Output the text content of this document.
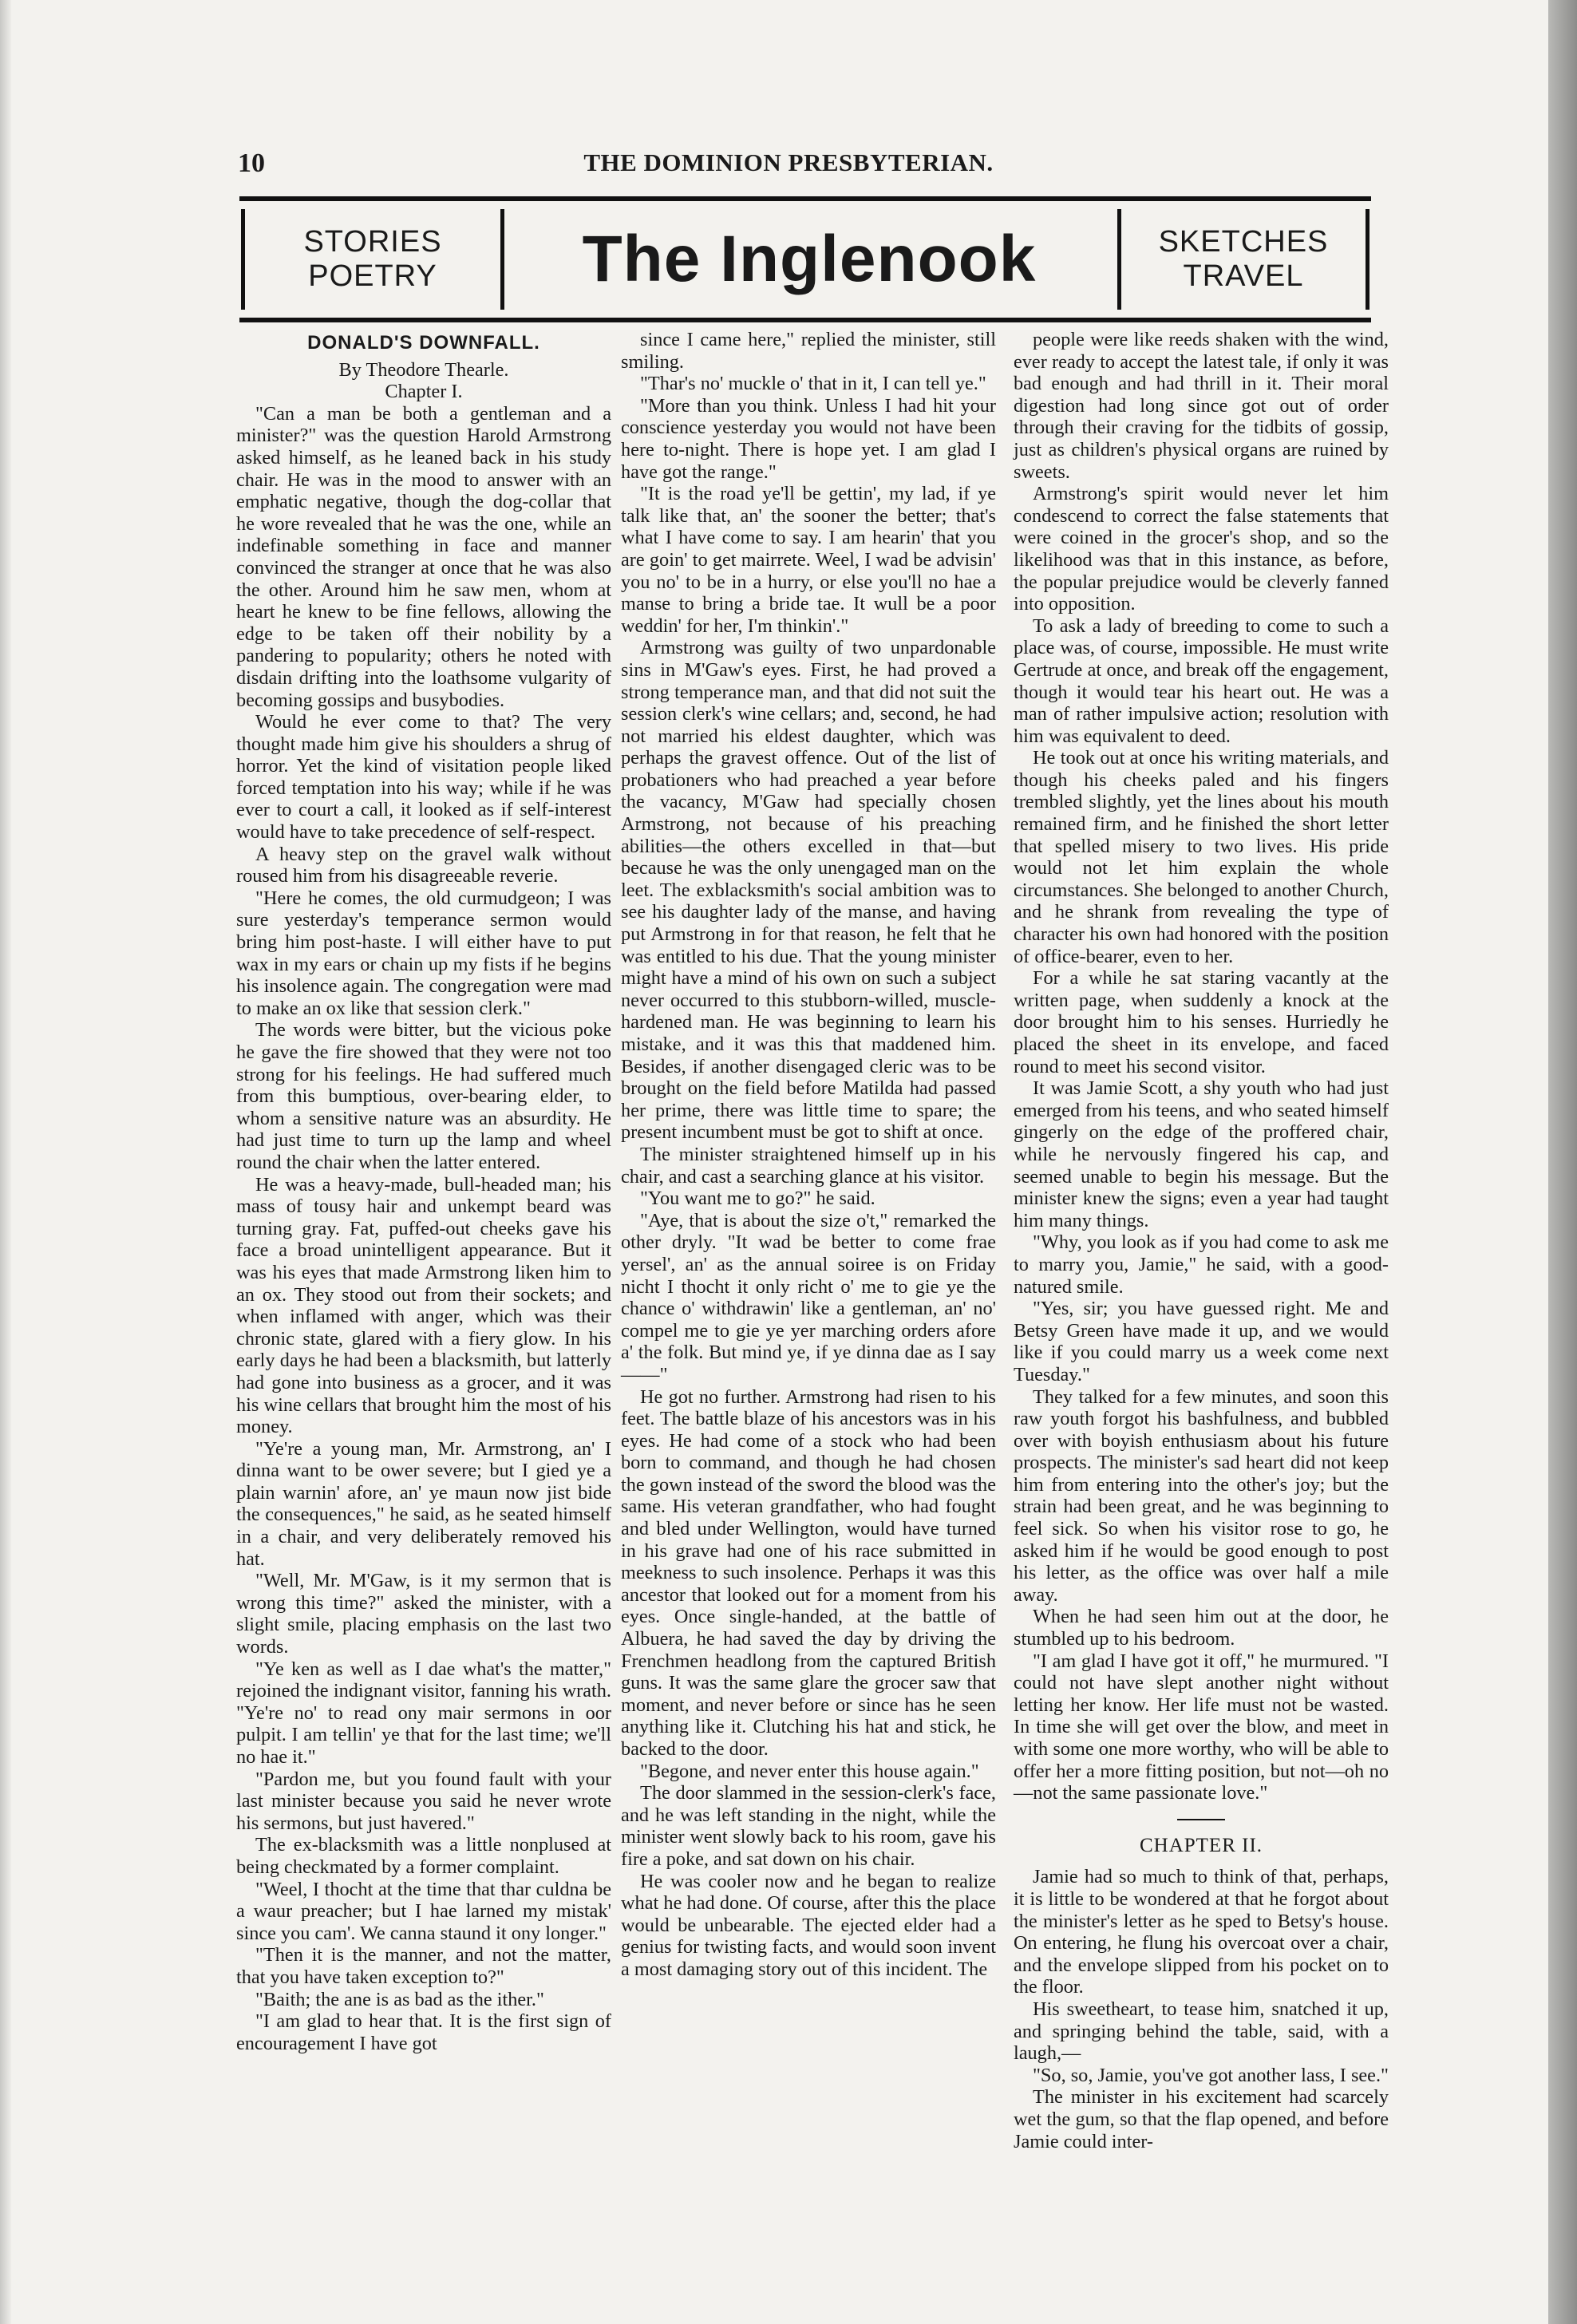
10	THE DOMINION PRESBYTERIAN.
STORIES
POETRY	The Inglenook	SKETCHES
TRAVEL
DONALD'S DOWNFALL.

By Theodore Thearle.

Chapter I.

"Can a man be both a gentleman and a minister?" was the question Harold Armstrong asked himself, as he leaned back in his study chair. He was in the mood to answer with an emphatic negative, though the dog-collar that he wore revealed that he was the one, while an indefinable something in face and manner convinced the stranger at once that he was also the other. Around him he saw men, whom at heart he knew to be fine fellows, allowing the edge to be taken off their nobility by a pandering to popularity; others he noted with disdain drifting into the loathsome vulgarity of becoming gossips and busybodies.

Would he ever come to that? The very thought made him give his shoulders a shrug of horror. Yet the kind of visitation people liked forced temptation into his way; while if he was ever to court a call, it looked as if self-interest would have to take precedence of self-respect.

A heavy step on the gravel walk without roused him from his disagreeable reverie.

"Here he comes, the old curmudgeon; I was sure yesterday's temperance sermon would bring him post-haste. I will either have to put wax in my ears or chain up my fists if he begins his insolence again. The congregation were mad to make an ox like that session clerk."

The words were bitter, but the vicious poke he gave the fire showed that they were not too strong for his feelings. He had suffered much from this bumptious, over-bearing elder, to whom a sensitive nature was an absurdity. He had just time to turn up the lamp and wheel round the chair when the latter entered.

He was a heavy-made, bull-headed man; his mass of tousy hair and unkempt beard was turning gray. Fat, puffed-out cheeks gave his face a broad unintelligent appearance. But it was his eyes that made Armstrong liken him to an ox. They stood out from their sockets; and when inflamed with anger, which was their chronic state, glared with a fiery glow. In his early days he had been a blacksmith, but latterly had gone into business as a grocer, and it was his wine cellars that brought him the most of his money.

"Ye're a young man, Mr. Armstrong, an' I dinna want to be ower severe; but I gied ye a plain warnin' afore, an' ye maun now jist bide the consequences," he said, as he seated himself in a chair, and very deliberately removed his hat.

"Well, Mr. M'Gaw, is it my sermon that is wrong this time?" asked the minister, with a slight smile, placing emphasis on the last two words.

"Ye ken as well as I dae what's the matter," rejoined the indignant visitor, fanning his wrath. "Ye're no' to read ony mair sermons in oor pulpit. I am tellin' ye that for the last time; we'll no hae it."

"Pardon me, but you found fault with your last minister because you said he never wrote his sermons, but just havered."

The ex-blacksmith was a little nonplused at being checkmated by a former complaint.

"Weel, I thocht at the time that thar culdna be a waur preacher; but I hae larned my mistak' since you cam'. We canna staund it ony longer."

"Then it is the manner, and not the matter, that you have taken exception to?"

"Baith; the ane is as bad as the ither."

"I am glad to hear that. It is the first sign of encouragement I have got

since I came here," replied the minister, still smiling.

"Thar's no' muckle o' that in it, I can tell ye."

"More than you think. Unless I had hit your conscience yesterday you would not have been here to-night. There is hope yet. I am glad I have got the range."

"It is the road ye'll be gettin', my lad, if ye talk like that, an' the sooner the better; that's what I have come to say. I am hearin' that you are goin' to get mairrete. Weel, I wad be advisin' you no' to be in a hurry, or else you'll no hae a manse to bring a bride tae. It wull be a poor weddin' for her, I'm thinkin'."

Armstrong was guilty of two unpardonable sins in M'Gaw's eyes. First, he had proved a strong temperance man, and that did not suit the session clerk's wine cellars; and, second, he had not married his eldest daughter, which was perhaps the gravest offence. Out of the list of probationers who had preached a year before the vacancy, M'Gaw had specially chosen Armstrong, not because of his preaching abilities—the others excelled in that—but because he was the only unengaged man on the leet. The exblacksmith's social ambition was to see his daughter lady of the manse, and having put Armstrong in for that reason, he felt that he was entitled to his due. That the young minister might have a mind of his own on such a subject never occurred to this stubborn-willed, muscle-hardened man. He was beginning to learn his mistake, and it was this that maddened him. Besides, if another disengaged cleric was to be brought on the field before Matilda had passed her prime, there was little time to spare; the present incumbent must be got to shift at once.

The minister straightened himself up in his chair, and cast a searching glance at his visitor.

"You want me to go?" he said.

"Aye, that is about the size o't," remarked the other dryly. "It wad be better to come frae yersel', an' as the annual soiree is on Friday nicht I thocht it only richt o' me to gie ye the chance o' withdrawin' like a gentleman, an' no' compel me to gie ye yer marching orders afore a' the folk. But mind ye, if ye dinna dae as I say——"

He got no further. Armstrong had risen to his feet. The battle blaze of his ancestors was in his eyes. He had come of a stock who had been born to command, and though he had chosen the gown instead of the sword the blood was the same. His veteran grandfather, who had fought and bled under Wellington, would have turned in his grave had one of his race submitted in meekness to such insolence. Perhaps it was this ancestor that looked out for a moment from his eyes. Once single-handed, at the battle of Albuera, he had saved the day by driving the Frenchmen headlong from the captured British guns. It was the same glare the grocer saw that moment, and never before or since has he seen anything like it. Clutching his hat and stick, he backed to the door.

"Begone, and never enter this house again."

The door slammed in the session-clerk's face, and he was left standing in the night, while the minister went slowly back to his room, gave his fire a poke, and sat down on his chair.

He was cooler now and he began to realize what he had done. Of course, after this the place would be unbearable. The ejected elder had a genius for twisting facts, and would soon invent a most damaging story out of this incident. The

people were like reeds shaken with the wind, ever ready to accept the latest tale, if only it was bad enough and had thrill in it. Their moral digestion had long since got out of order through their craving for the tidbits of gossip, just as children's physical organs are ruined by sweets.

Armstrong's spirit would never let him condescend to correct the false statements that were coined in the grocer's shop, and so the likelihood was that in this instance, as before, the popular prejudice would be cleverly fanned into opposition.

To ask a lady of breeding to come to such a place was, of course, impossible. He must write Gertrude at once, and break off the engagement, though it would tear his heart out. He was a man of rather impulsive action; resolution with him was equivalent to deed.

He took out at once his writing materials, and though his cheeks paled and his fingers trembled slightly, yet the lines about his mouth remained firm, and he finished the short letter that spelled misery to two lives. His pride would not let him explain the whole circumstances. She belonged to another Church, and he shrank from revealing the type of character his own had honored with the position of office-bearer, even to her.

For a while he sat staring vacantly at the written page, when suddenly a knock at the door brought him to his senses. Hurriedly he placed the sheet in its envelope, and faced round to meet his second visitor.

It was Jamie Scott, a shy youth who had just emerged from his teens, and who seated himself gingerly on the edge of the proffered chair, while he nervously fingered his cap, and seemed unable to begin his message. But the minister knew the signs; even a year had taught him many things.

"Why, you look as if you had come to ask me to marry you, Jamie," he said, with a good-natured smile.

"Yes, sir; you have guessed right. Me and Betsy Green have made it up, and we would like if you could marry us a week come next Tuesday."

They talked for a few minutes, and soon this raw youth forgot his bashfulness, and bubbled over with boyish enthusiasm about his future prospects. The minister's sad heart did not keep him from entering into the other's joy; but the strain had been great, and he was beginning to feel sick. So when his visitor rose to go, he asked him if he would be good enough to post his letter, as the office was over half a mile away.

When he had seen him out at the door, he stumbled up to his bedroom.

"I am glad I have got it off," he murmured. "I could not have slept another night without letting her know. Her life must not be wasted. In time she will get over the blow, and meet in with some one more worthy, who will be able to offer her a more fitting position, but not—oh no—not the same passionate love."

CHAPTER II.

Jamie had so much to think of that, perhaps, it is little to be wondered at that he forgot about the minister's letter as he sped to Betsy's house. On entering, he flung his overcoat over a chair, and the envelope slipped from his pocket on to the floor.

His sweetheart, to tease him, snatched it up, and springing behind the table, said, with a laugh,—

"So, so, Jamie, you've got another lass, I see."

The minister in his excitement had scarcely wet the gum, so that the flap opened, and before Jamie could inter-
